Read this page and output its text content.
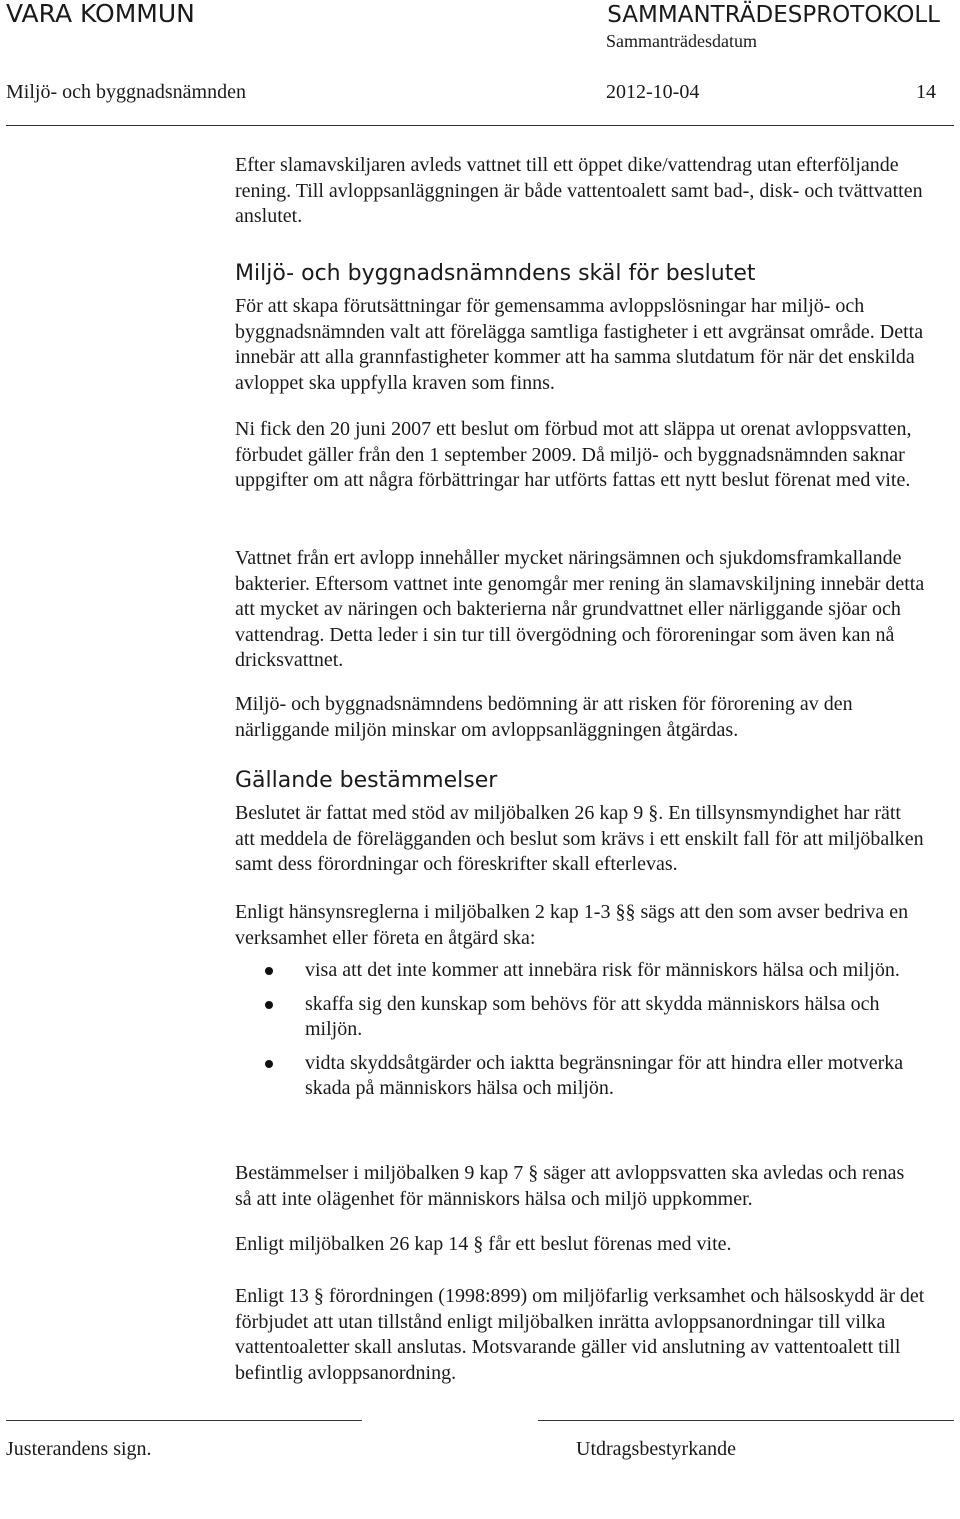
VARA KOMMUN	SAMMANTRÄDESPROTOKOLL
Sammanträdesdatum
Miljö- och byggnadsnämnden	2012-10-04	14

Efter slamavskiljaren avleds vattnet till ett öppet dike/vattendrag utan efterföljande rening. Till avloppsanläggningen är både vattentoalett samt bad-, disk- och tvättvatten anslutet.

Miljö- och byggnadsnämndens skäl för beslutet

För att skapa förutsättningar för gemensamma avloppslösningar har miljö- och byggnadsnämnden valt att förelägga samtliga fastigheter i ett avgränsat område. Detta innebär att alla grannfastigheter kommer att ha samma slutdatum för när det enskilda avloppet ska uppfylla kraven som finns.

Ni fick den 20 juni 2007 ett beslut om förbud mot att släppa ut orenat avloppsvatten, förbudet gäller från den 1 september 2009. Då miljö- och byggnadsnämnden saknar uppgifter om att några förbättringar har utförts fattas ett nytt beslut förenat med vite.

Vattnet från ert avlopp innehåller mycket näringsämnen och sjukdomsframkallande bakterier. Eftersom vattnet inte genomgår mer rening än slamavskiljning innebär detta att mycket av näringen och bakterierna når grundvattnet eller närliggande sjöar och vattendrag. Detta leder i sin tur till övergödning och föroreningar som även kan nå dricksvattnet.

Miljö- och byggnadsnämndens bedömning är att risken för förorening av den närliggande miljön minskar om avloppsanläggningen åtgärdas.

Gällande bestämmelser

Beslutet är fattat med stöd av miljöbalken 26 kap 9 §. En tillsynsmyndighet har rätt att meddela de förelägganden och beslut som krävs i ett enskilt fall för att miljöbalken samt dess förordningar och föreskrifter skall efterlevas.

Enligt hänsynsreglerna i miljöbalken 2 kap 1-3 §§ sägs att den som avser bedriva en verksamhet eller företa en åtgärd ska:

visa att det inte kommer att innebära risk för människors hälsa och miljön.
skaffa sig den kunskap som behövs för att skydda människors hälsa och miljön.
vidta skyddsåtgärder och iaktta begränsningar för att hindra eller motverka skada på människors hälsa och miljön.

Bestämmelser i miljöbalken 9 kap 7 § säger att avloppsvatten ska avledas och renas så att inte olägenhet för människors hälsa och miljö uppkommer.

Enligt miljöbalken 26 kap 14 § får ett beslut förenas med vite.

Enligt 13 § förordningen (1998:899) om miljöfarlig verksamhet och hälsoskydd är det förbjudet att utan tillstånd enligt miljöbalken inrätta avloppsanordningar till vilka vattentoaletter skall anslutas. Motsvarande gäller vid anslutning av vattentoalett till befintlig avloppsanordning.

Justerandens sign.	Utdragsbestyrkande
